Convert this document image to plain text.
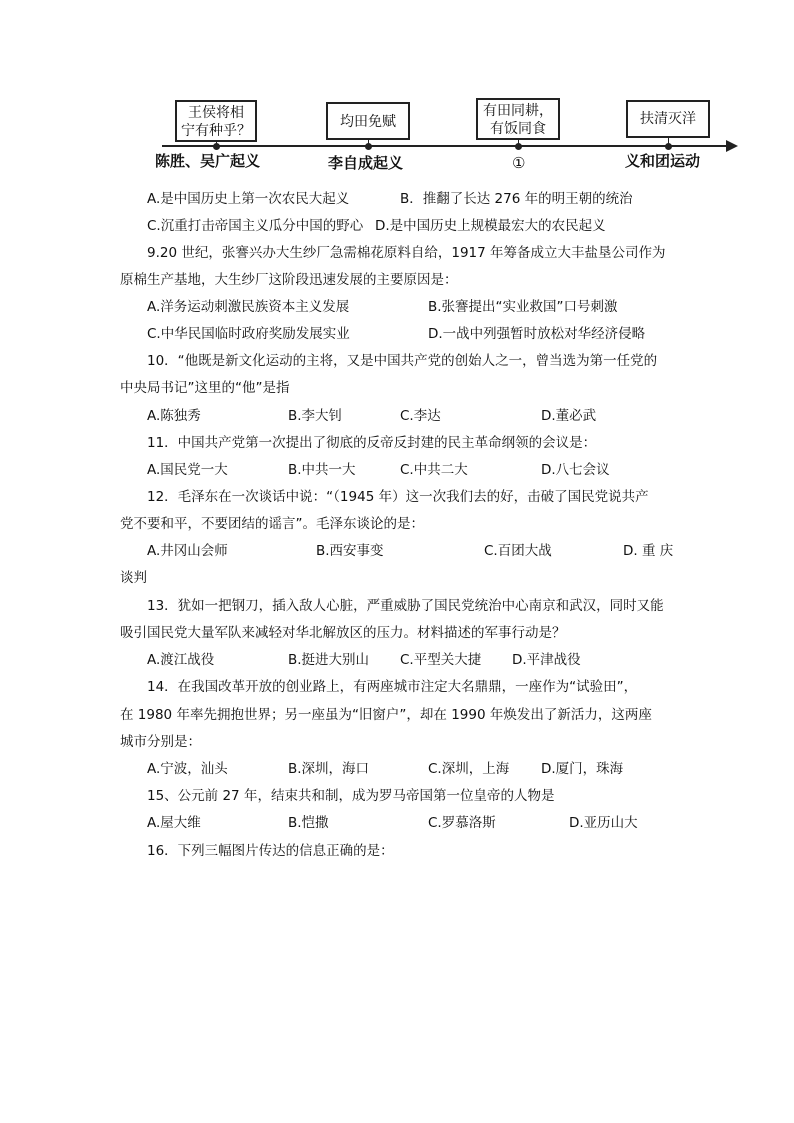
王侯将相
宁有种乎？
陈胜、吴广起义
均田免赋
李自成起义
有田同耕，
有饭同食
①
扶清灭洋
义和团运动
A.是中国历史上第一次农民大起义	B．推翻了长达 276 年的明王朝的统治
C.沉重打击帝国主义瓜分中国的野心 D.是中国历史上规模最宏大的农民起义
9.20 世纪，张謇兴办大生纱厂急需棉花原料自给，1917 年筹备成立大丰盐垦公司作为
原棉生产基地，大生纱厂这阶段迅速发展的主要原因是：
A.洋务运动刺激民族资本主义发展	B.张謇提出“实业救国”口号刺激
C.中华民国临时政府奖励发展实业	D.一战中列强暂时放松对华经济侵略
10．“他既是新文化运动的主将，又是中国共产党的创始人之一，曾当选为第一任党的
中央局书记”这里的“他”是指
A.陈独秀	B.李大钊	C.李达	D.董必武
11．中国共产党第一次提出了彻底的反帝反封建的民主革命纲领的会议是：
A.国民党一大	B.中共一大	C.中共二大	D.八七会议
12．毛泽东在一次谈话中说：“（1945 年）这一次我们去的好，击破了国民党说共产
党不要和平，不要团结的谣言”。毛泽东谈论的是：
A.井冈山会师	B.西安事变	C.百团大战	D. 重 庆
谈判
13．犹如一把钢刀，插入敌人心脏，严重威胁了国民党统治中心南京和武汉，同时又能
吸引国民党大量军队来减轻对华北解放区的压力。材料描述的军事行动是？
A.渡江战役	B.挺进大别山 C.平型关大捷 D.平津战役
14．在我国改革开放的创业路上，有两座城市注定大名鼎鼎，一座作为“试验田”，
在 1980 年率先拥抱世界；另一座虽为“旧窗户”，却在 1990 年焕发出了新活力，这两座
城市分别是：
A.宁波，汕头	B.深圳，海口	C.深圳，上海 D.厦门，珠海
15、公元前 27 年，结束共和制，成为罗马帝国第一位皇帝的人物是
A.屋大维	B.恺撒	C.罗慕洛斯	D.亚历山大
16．下列三幅图片传达的信息正确的是：
